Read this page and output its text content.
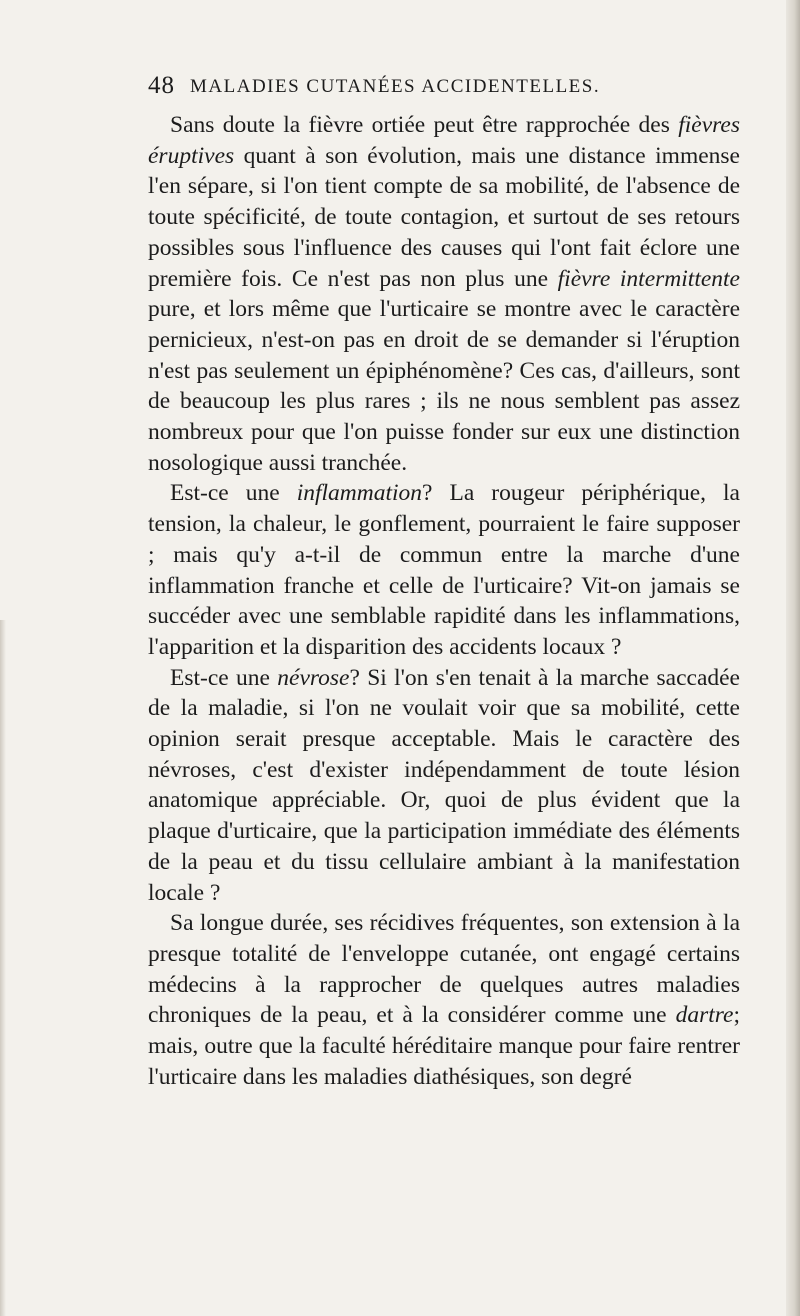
48 MALADIES CUTANÉES ACCIDENTELLES.

Sans doute la fièvre ortiée peut être rapprochée des fièvres éruptives quant à son évolution, mais une distance immense l'en sépare, si l'on tient compte de sa mobilité, de l'absence de toute spécificité, de toute contagion, et surtout de ses retours possibles sous l'influence des causes qui l'ont fait éclore une première fois. Ce n'est pas non plus une fièvre intermittente pure, et lors même que l'urticaire se montre avec le caractère pernicieux, n'est-on pas en droit de se demander si l'éruption n'est pas seulement un épiphénomène? Ces cas, d'ailleurs, sont de beaucoup les plus rares ; ils ne nous semblent pas assez nombreux pour que l'on puisse fonder sur eux une distinction nosologique aussi tranchée.

Est-ce une inflammation? La rougeur périphérique, la tension, la chaleur, le gonflement, pourraient le faire supposer ; mais qu'y a-t-il de commun entre la marche d'une inflammation franche et celle de l'urticaire? Vit-on jamais se succéder avec une semblable rapidité dans les inflammations, l'apparition et la disparition des accidents locaux ?

Est-ce une névrose? Si l'on s'en tenait à la marche saccadée de la maladie, si l'on ne voulait voir que sa mobilité, cette opinion serait presque acceptable. Mais le caractère des névroses, c'est d'exister indépendamment de toute lésion anatomique appréciable. Or, quoi de plus évident que la plaque d'urticaire, que la participation immédiate des éléments de la peau et du tissu cellulaire ambiant à la manifestation locale ?

Sa longue durée, ses récidives fréquentes, son extension à la presque totalité de l'enveloppe cutanée, ont engagé certains médecins à la rapprocher de quelques autres maladies chroniques de la peau, et à la considérer comme une dartre; mais, outre que la faculté héréditaire manque pour faire rentrer l'urticaire dans les maladies diathésiques, son degré
